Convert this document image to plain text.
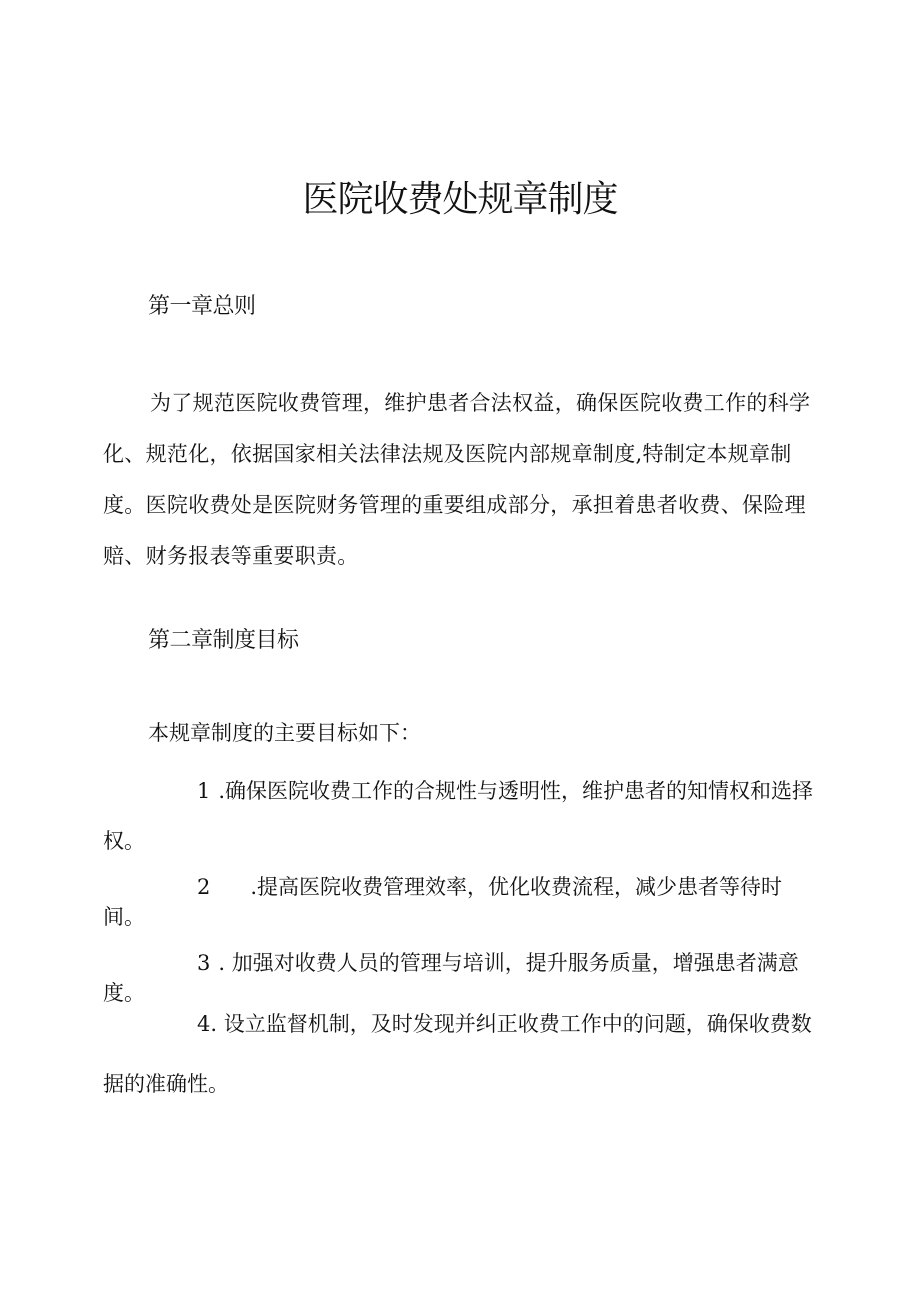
医院收费处规章制度
第一章总则

为了规范医院收费管理，维护患者合法权益，确保医院收费工作的科学化、规范化，依据国家相关法律法规及医院内部规章制度,特制定本规章制度。医院收费处是医院财务管理的重要组成部分，承担着患者收费、保险理赔、财务报表等重要职责。

第二章制度目标

本规章制度的主要目标如下：

1 .确保医院收费工作的合规性与透明性，维护患者的知情权和选择权。

2 .提高医院收费管理效率，优化收费流程，减少患者等待时间。

3 . 加强对收费人员的管理与培训，提升服务质量，增强患者满意度。

4. 设立监督机制，及时发现并纠正收费工作中的问题，确保收费数据的准确性。
